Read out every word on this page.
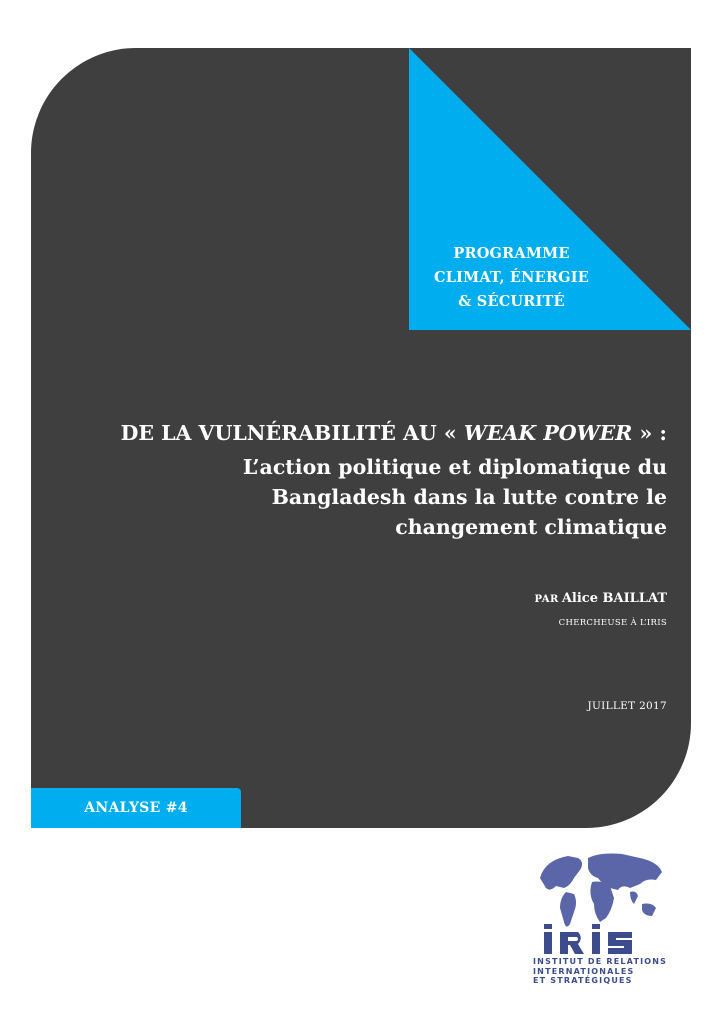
PROGRAMME
CLIMAT, ÉNERGIE
& SÉCURITÉ
DE LA VULNÉRABILITÉ AU « WEAK POWER » :
L’action politique et diplomatique du
Bangladesh dans la lutte contre le
changement climatique
PAR Alice BAILLAT
CHERCHEUSE À L’IRIS
JUILLET 2017
ANALYSE #4
INSTITUT DE RELATIONS
INTERNATIONALES
ET STRATÉGIQUES
